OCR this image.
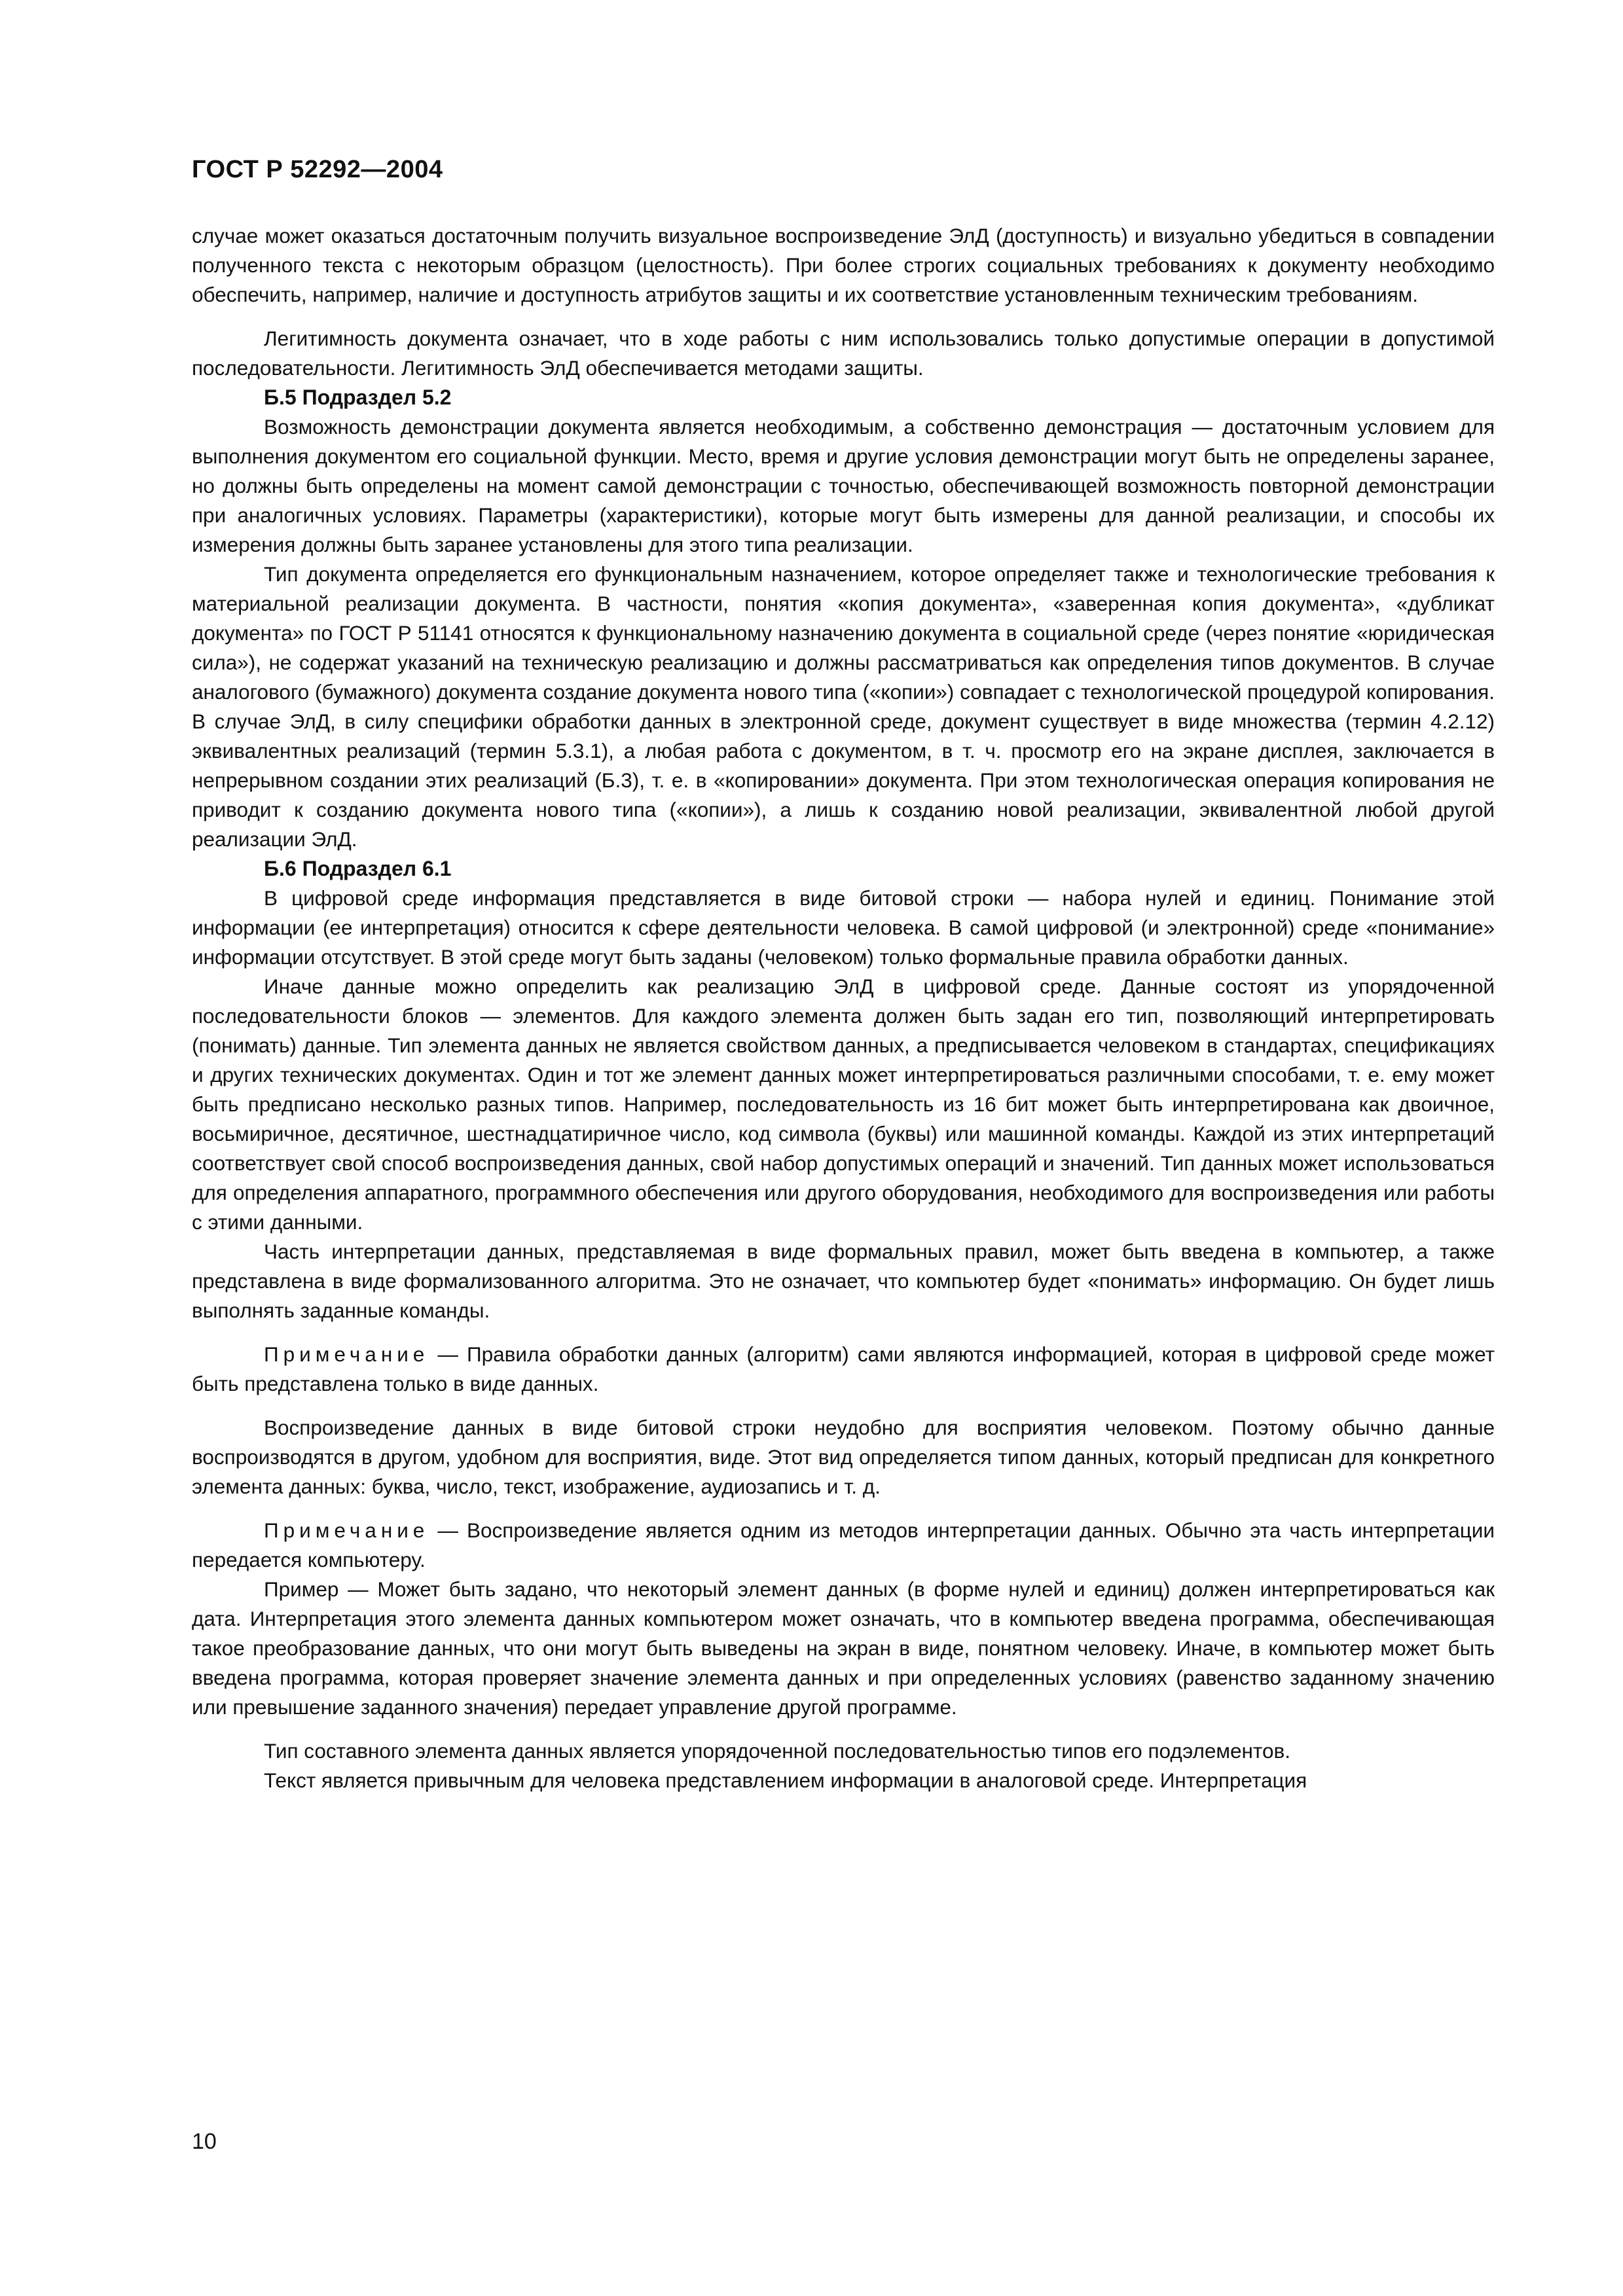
ГОСТ Р 52292—2004

случае может оказаться достаточным получить визуальное воспроизведение ЭлД (доступность) и визуально убедиться в совпадении полученного текста с некоторым образцом (целостность). При более строгих социальных требованиях к документу необходимо обеспечить, например, наличие и доступность атрибутов защиты и их соответствие установленным техническим требованиям.

Легитимность документа означает, что в ходе работы с ним использовались только допустимые операции в допустимой последовательности. Легитимность ЭлД обеспечивается методами защиты.

Б.5 Подраздел 5.2

Возможность демонстрации документа является необходимым, а собственно демонстрация — достаточным условием для выполнения документом его социальной функции. Место, время и другие условия демонстрации могут быть не определены заранее, но должны быть определены на момент самой демонстрации с точностью, обеспечивающей возможность повторной демонстрации при аналогичных условиях. Параметры (характеристики), которые могут быть измерены для данной реализации, и способы их измерения должны быть заранее установлены для этого типа реализации.

Тип документа определяется его функциональным назначением, которое определяет также и технологические требования к материальной реализации документа. В частности, понятия «копия документа», «заверенная копия документа», «дубликат документа» по ГОСТ Р 51141 относятся к функциональному назначению документа в социальной среде (через понятие «юридическая сила»), не содержат указаний на техническую реализацию и должны рассматриваться как определения типов документов. В случае аналогового (бумажного) документа создание документа нового типа («копии») совпадает с технологической процедурой копирования. В случае ЭлД, в силу специфики обработки данных в электронной среде, документ существует в виде множества (термин 4.2.12) эквивалентных реализаций (термин 5.3.1), а любая работа с документом, в т. ч. просмотр его на экране дисплея, заключается в непрерывном создании этих реализаций (Б.3), т. е. в «копировании» документа. При этом технологическая операция копирования не приводит к созданию документа нового типа («копии»), а лишь к созданию новой реализации, эквивалентной любой другой реализации ЭлД.

Б.6 Подраздел 6.1

В цифровой среде информация представляется в виде битовой строки — набора нулей и единиц. Понимание этой информации (ее интерпретация) относится к сфере деятельности человека. В самой цифровой (и электронной) среде «понимание» информации отсутствует. В этой среде могут быть заданы (человеком) только формальные правила обработки данных.

Иначе данные можно определить как реализацию ЭлД в цифровой среде. Данные состоят из упорядоченной последовательности блоков — элементов. Для каждого элемента должен быть задан его тип, позволяющий интерпретировать (понимать) данные. Тип элемента данных не является свойством данных, а предписывается человеком в стандартах, спецификациях и других технических документах. Один и тот же элемент данных может интерпретироваться различными способами, т. е. ему может быть предписано несколько разных типов. Например, последовательность из 16 бит может быть интерпретирована как двоичное, восьмиричное, десятичное, шестнадцатиричное число, код символа (буквы) или машинной команды. Каждой из этих интерпретаций соответствует свой способ воспроизведения данных, свой набор допустимых операций и значений. Тип данных может использоваться для определения аппаратного, программного обеспечения или другого оборудования, необходимого для воспроизведения или работы с этими данными.

Часть интерпретации данных, представляемая в виде формальных правил, может быть введена в компьютер, а также представлена в виде формализованного алгоритма. Это не означает, что компьютер будет «понимать» информацию. Он будет лишь выполнять заданные команды.

Примечание — Правила обработки данных (алгоритм) сами являются информацией, которая в цифровой среде может быть представлена только в виде данных.

Воспроизведение данных в виде битовой строки неудобно для восприятия человеком. Поэтому обычно данные воспроизводятся в другом, удобном для восприятия, виде. Этот вид определяется типом данных, который предписан для конкретного элемента данных: буква, число, текст, изображение, аудиозапись и т. д.

Примечание — Воспроизведение является одним из методов интерпретации данных. Обычно эта часть интерпретации передается компьютеру.

Пример — Может быть задано, что некоторый элемент данных (в форме нулей и единиц) должен интерпретироваться как дата. Интерпретация этого элемента данных компьютером может означать, что в компьютер введена программа, обеспечивающая такое преобразование данных, что они могут быть выведены на экран в виде, понятном человеку. Иначе, в компьютер может быть введена программа, которая проверяет значение элемента данных и при определенных условиях (равенство заданному значению или превышение заданного значения) передает управление другой программе.

Тип составного элемента данных является упорядоченной последовательностью типов его подэлементов.

Текст является привычным для человека представлением информации в аналоговой среде. Интерпретация

10
